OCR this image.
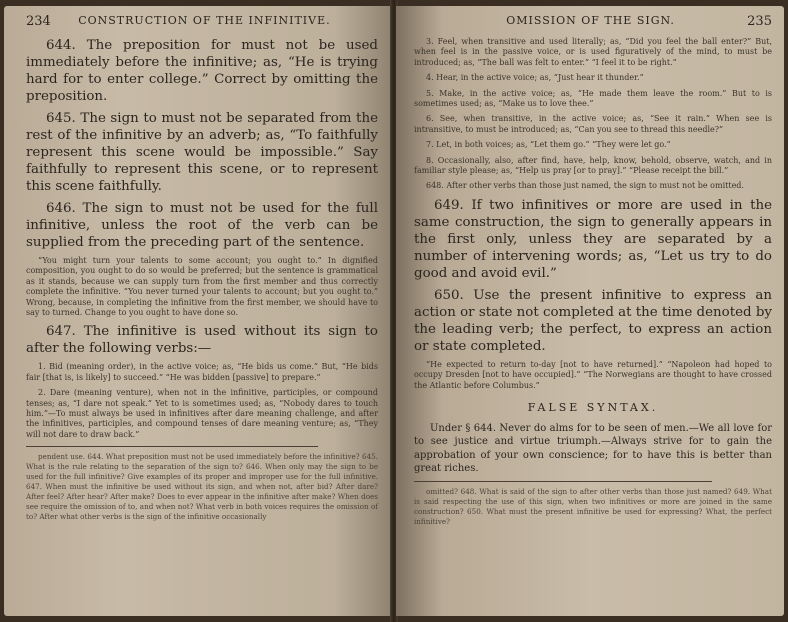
234 CONSTRUCTION OF THE INFINITIVE.

644. The preposition for must not be used immediately before the infinitive; as, “He is trying hard for to enter college.” Correct by omitting the preposition.

645. The sign to must not be separated from the rest of the infinitive by an adverb; as, “To faithfully represent this scene would be impossible.” Say faithfully to represent this scene, or to represent this scene faithfully.

646. The sign to must not be used for the full infinitive, unless the root of the verb can be supplied from the preceding part of the sentence.

“You might turn your talents to some account; you ought to.” In dignified composition, you ought to do so would be preferred; but the sentence is grammatical as it stands, because we can supply turn from the first member and thus correctly complete the infinitive. “You never turned your talents to account; but you ought to.” Wrong, because, in completing the infinitive from the first member, we should have to say to turned. Change to you ought to have done so.

647. The infinitive is used without its sign to after the following verbs:—

1. Bid (meaning order), in the active voice; as, “He bids us come.” But, “He bids fair [that is, is likely] to succeed.” “He was bidden [passive] to prepare.”

2. Dare (meaning venture), when not in the infinitive, participles, or compound tenses; as, “I dare not speak.” Yet to is sometimes used; as, “Nobody dares to touch him.”—To must always be used in infinitives after dare meaning challenge, and after the infinitives, participles, and compound tenses of dare meaning venture; as, “They will not dare to draw back.”

pendent use. 644. What preposition must not be used immediately before the infinitive? 645. What is the rule relating to the separation of the sign to? 646. When only may the sign to be used for the full infinitive? Give examples of its proper and improper use for the full infinitive. 647. When must the infinitive be used without its sign, and when not, after bid? After dare? After feel? After hear? After make? Does to ever appear in the infinitive after make? When does see require the omission of to, and when not? What verb in both voices requires the omission of to? After what other verbs is the sign of the infinitive occasionally

OMISSION OF THE SIGN.	235

3. Feel, when transitive and used literally; as, “Did you feel the ball enter?” But, when feel is in the passive voice, or is used figuratively of the mind, to must be introduced; as, “The ball was felt to enter.” “I feel it to be right.”

4. Hear, in the active voice; as, “Just hear it thunder.”

5. Make, in the active voice; as, “He made them leave the room.” But to is sometimes used; as, “Make us to love thee.”

6. See, when transitive, in the active voice; as, “See it rain.” When see is intransitive, to must be introduced; as, “Can you see to thread this needle?”

7. Let, in both voices; as, “Let them go.” “They were let go.”

8. Occasionally, also, after find, have, help, know, behold, observe, watch, and in familiar style please; as, “Help us pray [or to pray].” “Please receipt the bill.”

648. After other verbs than those just named, the sign to must not be omitted.

649. If two infinitives or more are used in the same construction, the sign to generally appears in the first only, unless they are separated by a number of intervening words; as, “Let us try to do good and avoid evil.”

650. Use the present infinitive to express an action or state not completed at the time denoted by the leading verb; the perfect, to express an action or state completed.

“He expected to return to-day [not to have returned].” “Napoleon had hoped to occupy Dresden [not to have occupied].” “The Norwegians are thought to have crossed the Atlantic before Columbus.”

FALSE SYNTAX.

Under § 644. Never do alms for to be seen of men.—We all love for to see justice and virtue triumph.—Always strive for to gain the approbation of your own conscience; for to have this is better than great riches.

omitted? 648. What is said of the sign to after other verbs than those just named? 649. What is said respecting the use of this sign, when two infinitives or more are joined in the same construction? 650. What must the present infinitive be used for expressing? What, the perfect infinitive?
